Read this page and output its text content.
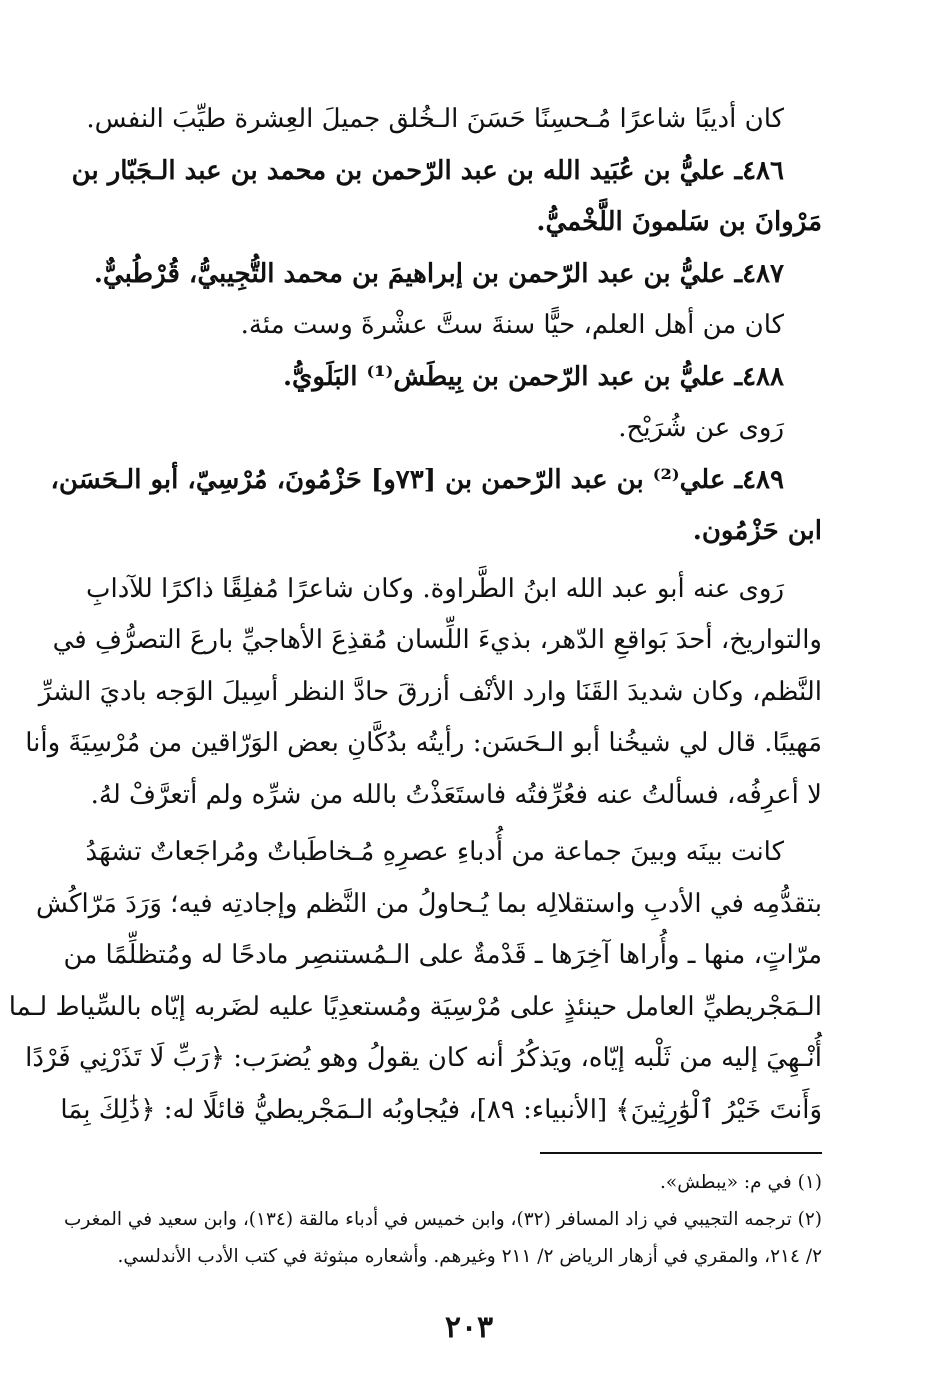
كان أديبًا شاعرًا مُـحسِنًا حَسَنَ الـخُلق جميلَ العِشرة طيِّبَ النفس.
٤٨٦ـ عليُّ بن عُبَيد الله بن عبد الرّحمن بن محمد بن عبد الـجَبّار بن
مَرْوانَ بن سَلمونَ اللَّخْميُّ.
٤٨٧ـ عليُّ بن عبد الرّحمن بن إبراهيمَ بن محمد التُّجِيبيُّ، قُرْطُبيٌّ.
كان من أهل العلم، حيًّا سنةَ ستَّ عشْرةَ وست مئة.
٤٨٨ـ عليُّ بن عبد الرّحمن بن بِيطَش⁽¹⁾ البَلَويُّ.
رَوى عن شُرَيْح.
٤٨٩ـ علي⁽²⁾ بن عبد الرّحمن بن [٧٣و] حَزْمُونَ، مُرْسِيّ، أبو الـحَسَن،
ابن حَزْمُون.
رَوى عنه أبو عبد الله ابنُ الطَّراوة. وكان شاعرًا مُفلِقًا ذاكرًا للآدابِ
والتواريخ، أحدَ بَواقعِ الدّهر، بذيءَ اللِّسان مُقذِعَ الأهاجيِّ بارعَ التصرُّفِ في
النَّظم، وكان شديدَ القَنَا وارد الأنْف أزرقَ حادَّ النظر أسِيلَ الوَجه باديَ الشرِّ
مَهيبًا. قال لي شيخُنا أبو الـحَسَن: رأيتُه بدُكَّانِ بعض الوَرّاقين من مُرْسِيَةَ وأنا
لا أعرِفُه، فسألتُ عنه فعُرِّفتُه فاستَعَذْتُ بالله من شرِّه ولم أتعرَّفْ لهُ.
كانت بينَه وبينَ جماعة من أُدباءِ عصرِهِ مُـخاطَباتٌ ومُراجَعاتٌ تشهَدُ
بتقدُّمِه في الأدبِ واستقلالِه بما يُـحاولُ من النَّظم وإجادتِه فيه؛ وَرَدَ مَرّاكُش
مرّاتٍ، منها ـ وأُراها آخِرَها ـ قَدْمةٌ على الـمُستنصِر مادحًا له ومُتظلِّمًا من
الـمَجْريطيِّ العامل حينئذٍ على مُرْسِيَة ومُستعدِيًا عليه لضَربه إيّاه بالسِّياط لـما
أُنْـهِيَ إليه من ثَلْبه إيّاه، ويَذكُرُ أنه كان يقولُ وهو يُضرَب: ﴿رَبِّ لَا تَذَرْنِي فَرْدًا
وَأَنتَ خَيْرُ ٱلْوَٰرِثِينَ﴾ [الأنبياء: ٨٩]، فيُجاوبُه الـمَجْريطيُّ قائلًا له: ﴿ذَٰلِكَ بِمَا
(١) في م: «يبطش».
(٢) ترجمه التجيبي في زاد المسافر (٣٢)، وابن خميس في أدباء مالقة (١٣٤)، وابن سعيد في المغرب
٢/ ٢١٤، والمقري في أزهار الرياض ٢/ ٢١١ وغيرهم. وأشعاره مبثوثة في كتب الأدب الأندلسي.
٢٠٣
